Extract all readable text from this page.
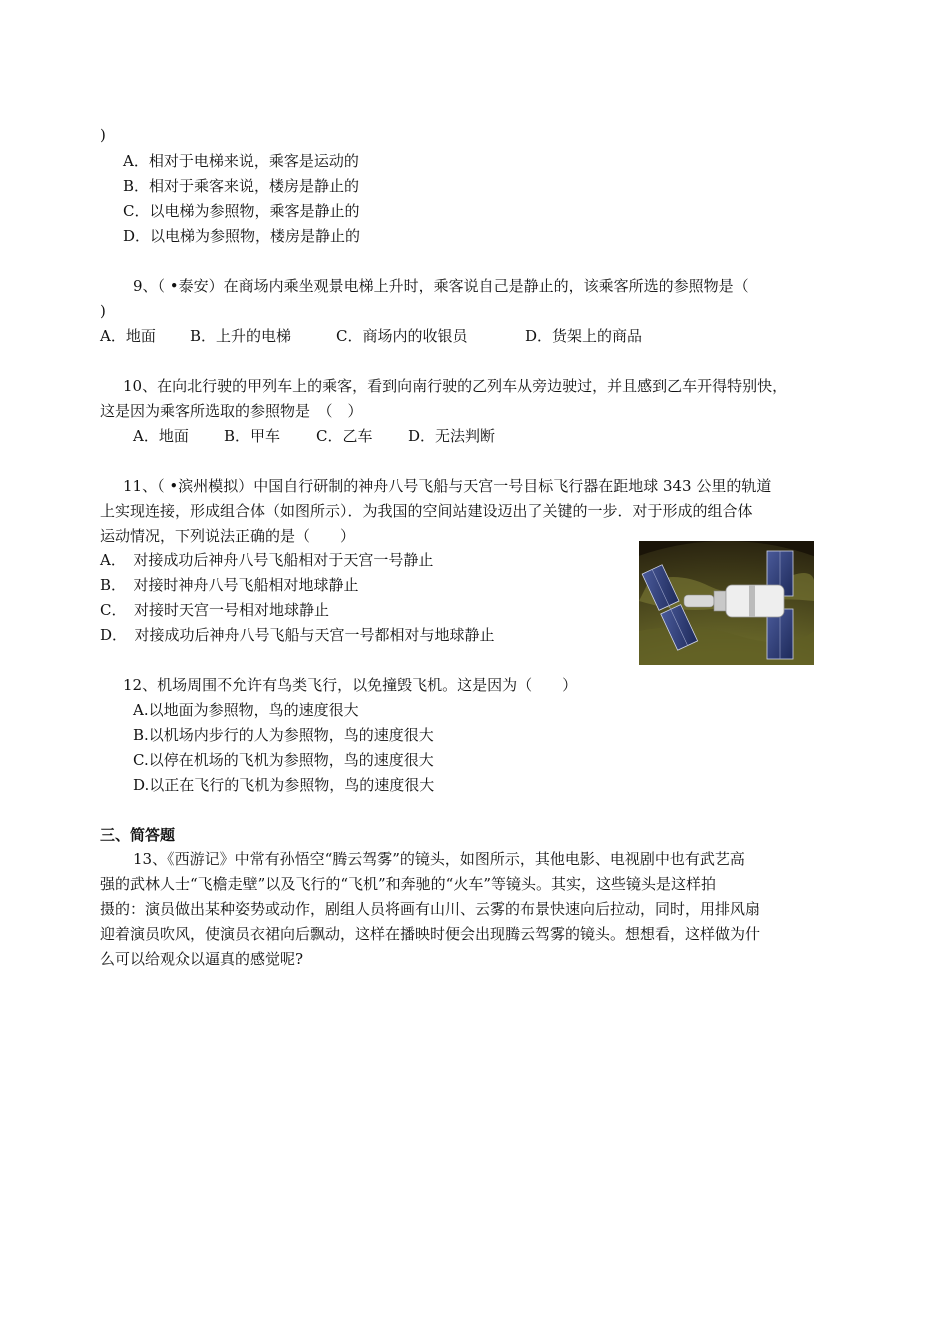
)
A．相对于电梯来说，乘客是运动的
B．相对于乘客来说，楼房是静止的
C．以电梯为参照物，乘客是静止的
D．以电梯为参照物，楼房是静止的
9、（ •泰安）在商场内乘坐观景电梯上升时，乘客说自己是静止的，该乘客所选的参照物是（
)
A．地面 B．上升的电梯	C．商场内的收银员	D．货架上的商品
10、在向北行驶的甲列车上的乘客，看到向南行驶的乙列车从旁边驶过，并且感到乙车开得特别快，
这是因为乘客所选取的参照物是　（　）
A．地面 B．甲车 C．乙车 D．无法判断
11、（ •滨州模拟）中国自行研制的神舟八号飞船与天宫一号目标飞行器在距地球 343 公里的轨道
上实现连接，形成组合体（如图所示）．为我国的空间站建设迈出了关键的一步．对于形成的组合体
运动情况，下列说法正确的是（　　）
A．　对接成功后神舟八号飞船相对于天宫一号静止
B．　对接时神舟八号飞船相对地球静止
C．　对接时天宫一号相对地球静止
D．　对接成功后神舟八号飞船与天宫一号都相对与地球静止
12、机场周围不允许有鸟类飞行，以免撞毁飞机。这是因为（　　）
A.以地面为参照物，鸟的速度很大
B.以机场内步行的人为参照物，鸟的速度很大
C.以停在机场的飞机为参照物，鸟的速度很大
D.以正在飞行的飞机为参照物，鸟的速度很大
三、简答题
13、《西游记》中常有孙悟空“腾云驾雾”的镜头，如图所示，其他电影、电视剧中也有武艺高
强的武林人士“飞檐走壁”以及飞行的“飞机”和奔驰的“火车”等镜头。其实，这些镜头是这样拍
摄的：演员做出某种姿势或动作，剧组人员将画有山川、云雾的布景快速向后拉动，同时，用排风扇
迎着演员吹风，使演员衣裙向后飘动，这样在播映时便会出现腾云驾雾的镜头。想想看，这样做为什
么可以给观众以逼真的感觉呢?
